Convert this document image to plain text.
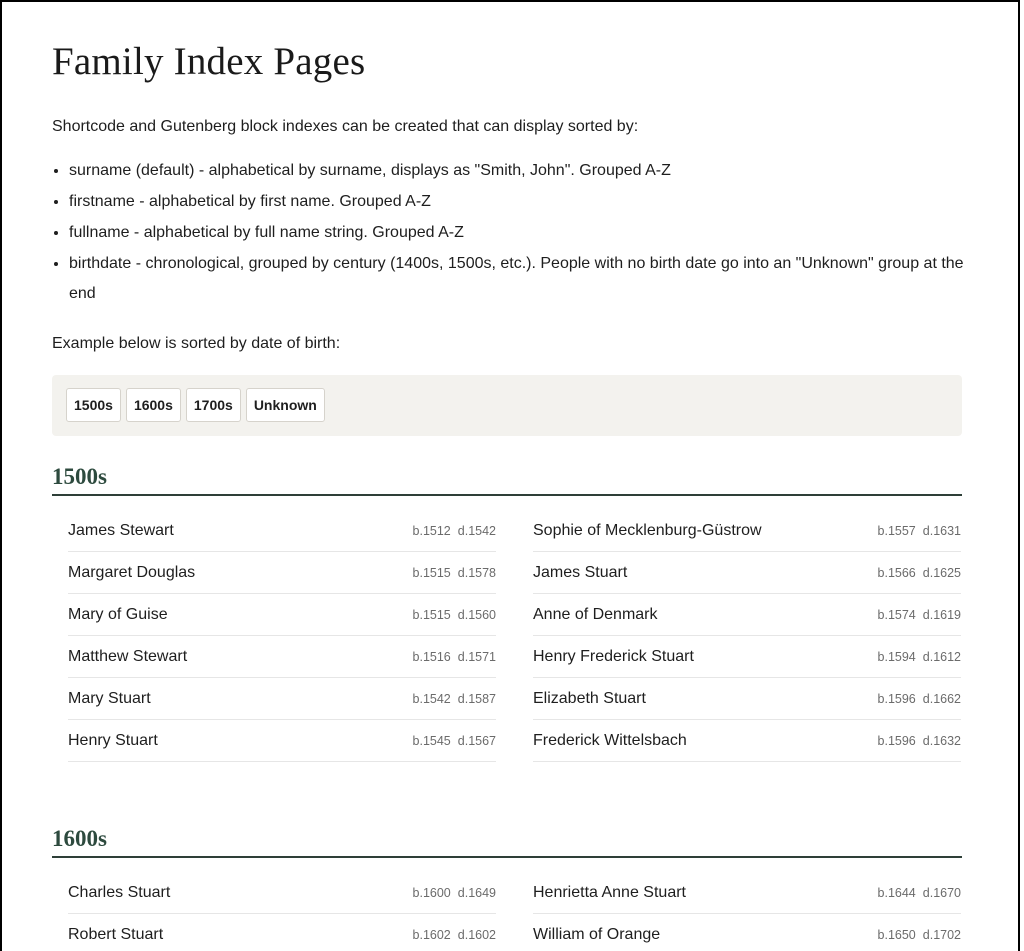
Family Index Pages

Shortcode and Gutenberg block indexes can be created that can display sorted by:

• surname (default) - alphabetical by surname, displays as "Smith, John". Grouped A-Z
• firstname - alphabetical by first name. Grouped A-Z
• fullname - alphabetical by full name string. Grouped A-Z
• birthdate - chronological, grouped by century (1400s, 1500s, etc.). People with no birth date go into an "Unknown" group at the end

Example below is sorted by date of birth:

1500s	1600s	1700s	Unknown
1500s
James Stewart	b.1512 d.1542
Margaret Douglas	b.1515 d.1578
Mary of Guise	b.1515 d.1560
Matthew Stewart	b.1516 d.1571
Mary Stuart	b.1542 d.1587
Henry Stuart	b.1545 d.1567
Sophie of Mecklenburg-Güstrow	b.1557 d.1631
James Stuart	b.1566 d.1625
Anne of Denmark	b.1574 d.1619
Henry Frederick Stuart	b.1594 d.1612
Elizabeth Stuart	b.1596 d.1662
Frederick Wittelsbach	b.1596 d.1632
1600s
Charles Stuart	b.1600 d.1649
Robert Stuart	b.1602 d.1602
Henrietta Anne Stuart	b.1644 d.1670
William of Orange	b.1650 d.1702
